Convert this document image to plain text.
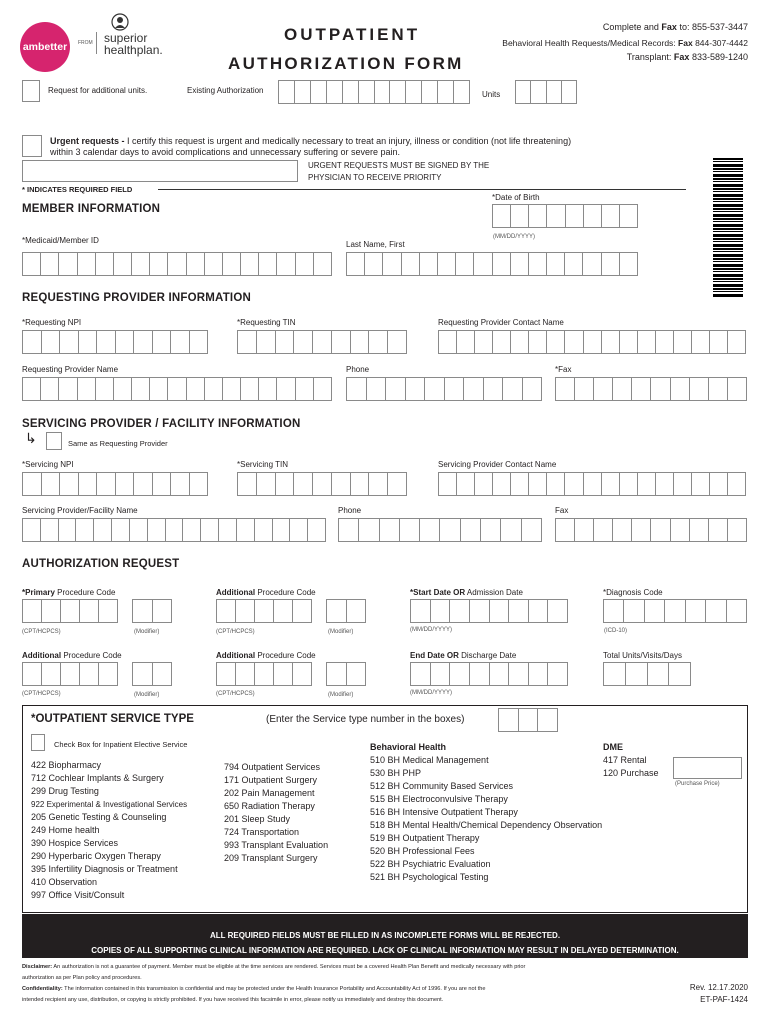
ambetter	FROM superior healthplan.
OUTPATIENT
AUTHORIZATION FORM
Complete and Fax to: 855-537-3447
Behavioral Health Requests/Medical Records: Fax 844-307-4442
Transplant: Fax 833-589-1240
Request for additional units.	Existing Authorization	Units
Urgent requests - I certify this request is urgent and medically necessary to treat an injury, illness or condition (not life threatening)
within 3 calendar days to avoid complications and unnecessary suffering or severe pain.
URGENT REQUESTS MUST BE SIGNED BY THE
PHYSICIAN TO RECEIVE PRIORITY
* INDICATES REQUIRED FIELD
MEMBER INFORMATION
*Date of Birth
(MM/DD/YYYY)
*Medicaid/Member ID	Last Name, First
REQUESTING PROVIDER INFORMATION
*Requesting NPI	*Requesting TIN	Requesting Provider Contact Name
Requesting Provider Name	Phone	*Fax
SERVICING PROVIDER / FACILITY INFORMATION
↳	Same as Requesting Provider
*Servicing NPI	*Servicing TIN	Servicing Provider Contact Name
Servicing Provider/Facility Name	Phone	Fax
AUTHORIZATION REQUEST
*Primary Procedure Code	Additional Procedure Code	*Start Date OR Admission Date	*Diagnosis Code
(CPT/HCPCS)	(Modifier)	(CPT/HCPCS)	(Modifier)	(MM/DD/YYYY)	(ICD-10)
Additional Procedure Code	Additional Procedure Code	End Date OR Discharge Date	Total Units/Visits/Days
(CPT/HCPCS)	(Modifier)	(CPT/HCPCS)	(Modifier)	(MM/DD/YYYY)
*OUTPATIENT SERVICE TYPE	(Enter the Service type number in the boxes)
Check Box for Inpatient Elective Service
422 Biopharmacy
712 Cochlear Implants & Surgery
299 Drug Testing
922 Experimental & Investigational Services
205 Genetic Testing & Counseling
249 Home health
390 Hospice Services
290 Hyperbaric Oxygen Therapy
395 Infertility Diagnosis or Treatment
410 Observation
997 Office Visit/Consult
794 Outpatient Services
171 Outpatient Surgery
202 Pain Management
650 Radiation Therapy
201 Sleep Study
724 Transportation
993 Transplant Evaluation
209 Transplant Surgery
Behavioral Health
510 BH Medical Management
530 BH PHP
512 BH Community Based Services
515 BH Electroconvulsive Therapy
516 BH Intensive Outpatient Therapy
518 BH Mental Health/Chemical Dependency Observation
519 BH Outpatient Therapy
520 BH Professional Fees
522 BH Psychiatric Evaluation
521 BH Psychological Testing
DME
417 Rental
120 Purchase
(Purchase Price)
ALL REQUIRED FIELDS MUST BE FILLED IN AS INCOMPLETE FORMS WILL BE REJECTED.
COPIES OF ALL SUPPORTING CLINICAL INFORMATION ARE REQUIRED. LACK OF CLINICAL INFORMATION MAY RESULT IN DELAYED DETERMINATION.
Disclaimer: An authorization is not a guarantee of payment. Member must be eligible at the time services are rendered. Services must be a covered Health Plan Benefit and medically necessary with prior
authorization as per Plan policy and procedures.
Confidentiality: The information contained in this transmission is confidential and may be protected under the Health Insurance Portability and Accountability Act of 1996. If you are not the
intended recipient any use, distribution, or copying is strictly prohibited. If you have received this facsimile in error, please notify us immediately and destroy this document.
Rev. 12.17.2020
ET-PAF-1424
